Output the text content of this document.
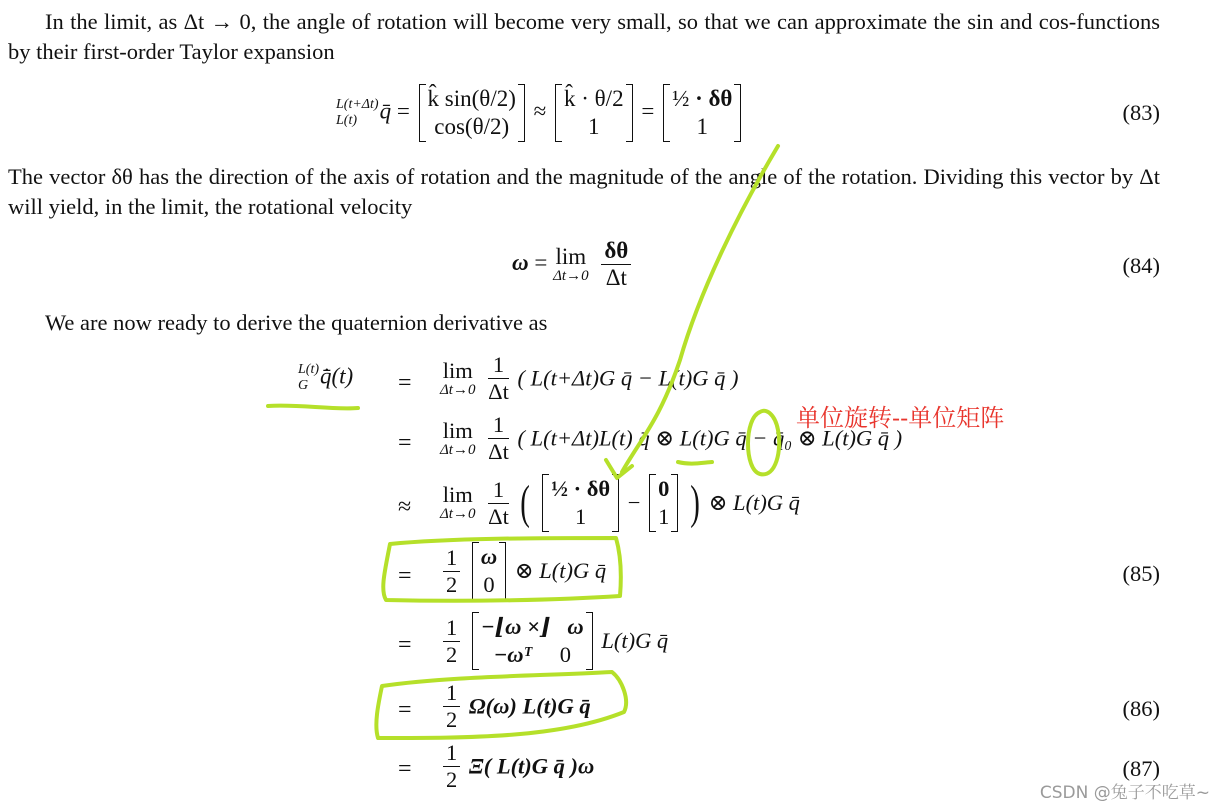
In the limit, as Δt → 0, the angle of rotation will become very small, so that we can approximate the sin and cos-functions by their first-order Taylor expansion
L(t+Δt)
L(t) q̄ = k̂ sin(θ/2)
cos(θ/2)
≈ k̂ · θ/2
1
= ½ · δθ
1
(83)
The vector δθ has the direction of the axis of rotation and the magnitude of the angle of the rotation. Dividing this vector by Δt will yield, in the limit, the rotational velocity
ω = lim
Δt→0
$\frac{\delta\theta}{\Delta t}$	(84)
We are now ready to derive the quaternion derivative as
L(t)
G q̄̇(t) =
=
≈
=
=
=
=
lim
Δt→0
$\frac{1}{\Delta t}$ ( L(t+Δt)G q̄ − L(t)G q̄ )
lim
Δt→0
$\frac{1}{\Delta t}$ ( L(t+Δt)L(t) q̄ ⊗ L(t)G q̄ − q̄₀ ⊗ L(t)G q̄ )
lim
Δt→0
$\frac{1}{\Delta t}$ ( ½ · δθ
1
−
0
1 ) ⊗ L(t)G q̄
$\frac{1}{2}$
ω
0
⊗ L(t)G q̄	(85)
$\frac{1}{2}$
−⌊ω ×⌋ ω
−ωᵀ 0
L(t)G q̄
$\frac{1}{2} \Omega(\omega)$ L(t)G q̄	(86)
$\frac{1}{2} \Xi$( L(t)G q̄ )ω	(87)
单位旋转--单位矩阵
CSDN @兔子不吃草~
